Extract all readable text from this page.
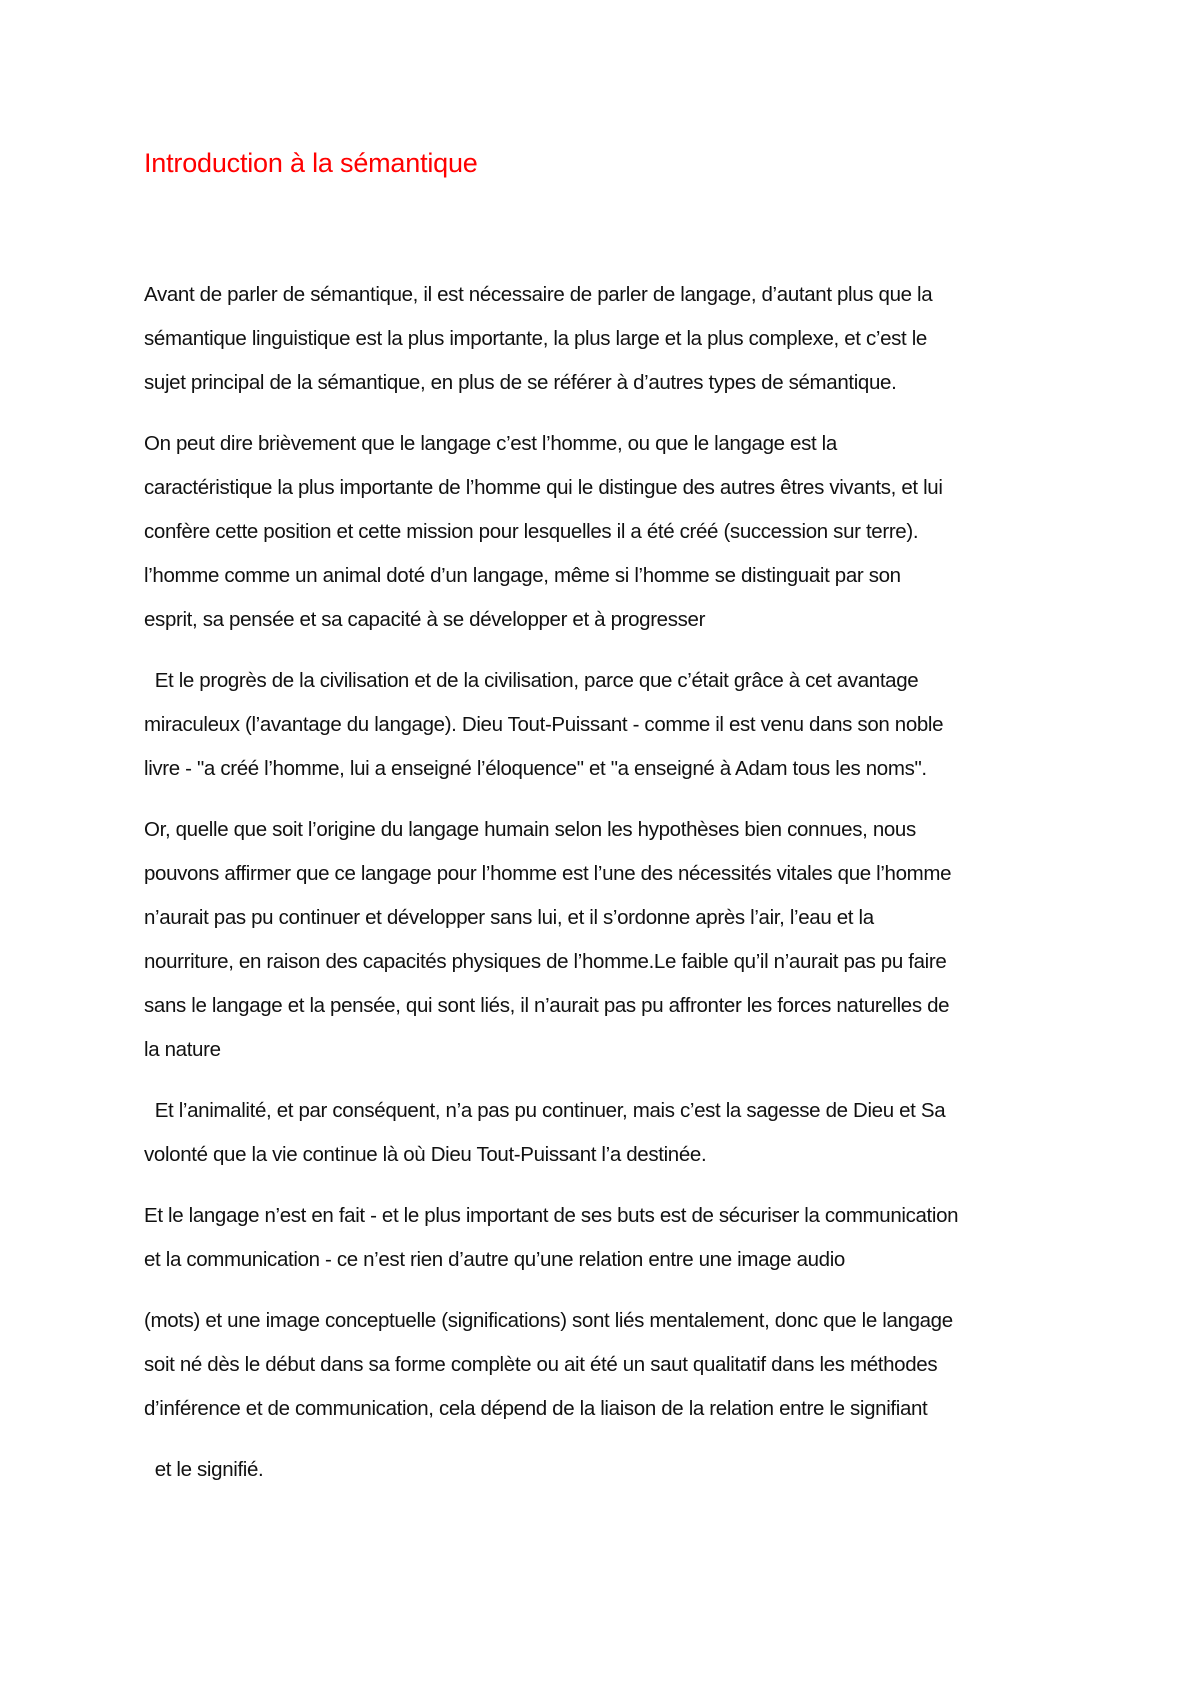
Introduction à la sémantique

Avant de parler de sémantique, il est nécessaire de parler de langage, d’autant plus que la

sémantique linguistique est la plus importante, la plus large et la plus complexe, et c’est le

sujet principal de la sémantique, en plus de se référer à d’autres types de sémantique.

On peut dire brièvement que le langage c’est l’homme, ou que le langage est la

caractéristique la plus importante de l’homme qui le distingue des autres êtres vivants, et lui

confère cette position et cette mission pour lesquelles il a été créé (succession sur terre).

l’homme comme un animal doté d’un langage, même si l’homme se distinguait par son

esprit, sa pensée et sa capacité à se développer et à progresser

Et le progrès de la civilisation et de la civilisation, parce que c’était grâce à cet avantage

miraculeux (l’avantage du langage). Dieu Tout-Puissant - comme il est venu dans son noble

livre - "a créé l’homme, lui a enseigné l’éloquence" et "a enseigné à Adam tous les noms".

Or, quelle que soit l’origine du langage humain selon les hypothèses bien connues, nous

pouvons affirmer que ce langage pour l’homme est l’une des nécessités vitales que l’homme

n’aurait pas pu continuer et développer sans lui, et il s’ordonne après l’air, l’eau et la

nourriture, en raison des capacités physiques de l’homme.Le faible qu’il n’aurait pas pu faire

sans le langage et la pensée, qui sont liés, il n’aurait pas pu affronter les forces naturelles de

la nature

Et l’animalité, et par conséquent, n’a pas pu continuer, mais c’est la sagesse de Dieu et Sa

volonté que la vie continue là où Dieu Tout-Puissant l’a destinée.

Et le langage n’est en fait - et le plus important de ses buts est de sécuriser la communication

et la communication - ce n’est rien d’autre qu’une relation entre une image audio

(mots) et une image conceptuelle (significations) sont liés mentalement, donc que le langage

soit né dès le début dans sa forme complète ou ait été un saut qualitatif dans les méthodes

d’inférence et de communication, cela dépend de la liaison de la relation entre le signifiant

et le signifié.
